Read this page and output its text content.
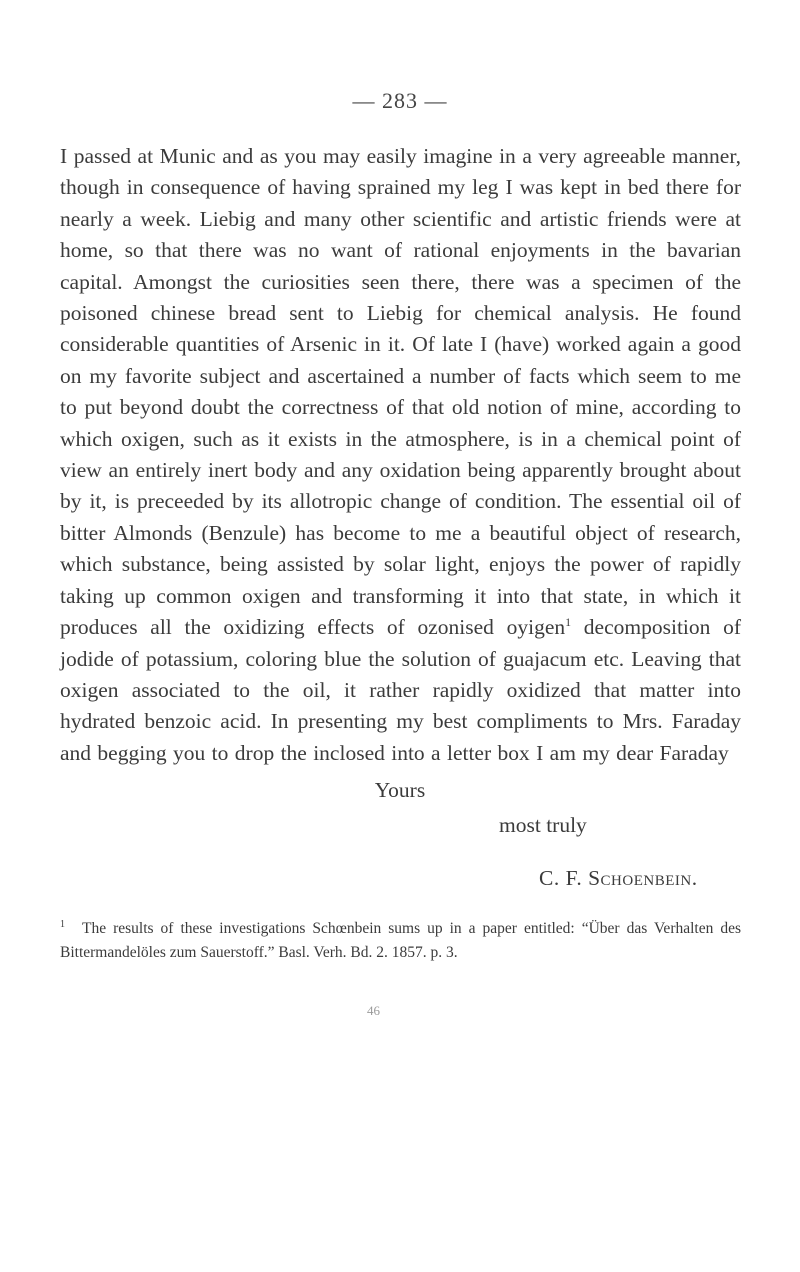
— 283 —
I passed at Munic and as you may easily imagine in a very agreeable manner, though in consequence of having sprained my leg I was kept in bed there for nearly a week. Liebig and many other scientific and artistic friends were at home, so that there was no want of rational enjoyments in the bavarian capital. Amongst the curiosities seen there, there was a specimen of the poisoned chinese bread sent to Liebig for chemical analysis. He found considerable quantities of Arsenic in it. Of late I (have) worked again a good on my favorite subject and ascertained a number of facts which seem to me to put beyond doubt the correctness of that old notion of mine, according to which oxigen, such as it exists in the atmosphere, is in a chemical point of view an entirely inert body and any oxidation being apparently brought about by it, is preceeded by its allotropic change of condition. The essential oil of bitter Almonds (Benzule) has become to me a beautiful object of research, which substance, being assisted by solar light, enjoys the power of rapidly taking up common oxigen and transforming it into that state, in which it produces all the oxidizing effects of ozonised oyigen$^1$ decomposition of jodide of potassium, coloring blue the solution of guajacum etc. Leaving that oxigen associated to the oil, it rather rapidly oxidized that matter into hydrated benzoic acid. In presenting my best compliments to Mrs. Faraday and begging you to drop the inclosed into a letter box I am my dear Faraday
Yours
most truly
C. F. Schoenbein.
$^1$ The results of these investigations Schœnbein sums up in a paper entitled: “Über das Verhalten des Bittermandelöles zum Sauerstoff.” Basl. Verh. Bd. 2. 1857. p. 3.
46
